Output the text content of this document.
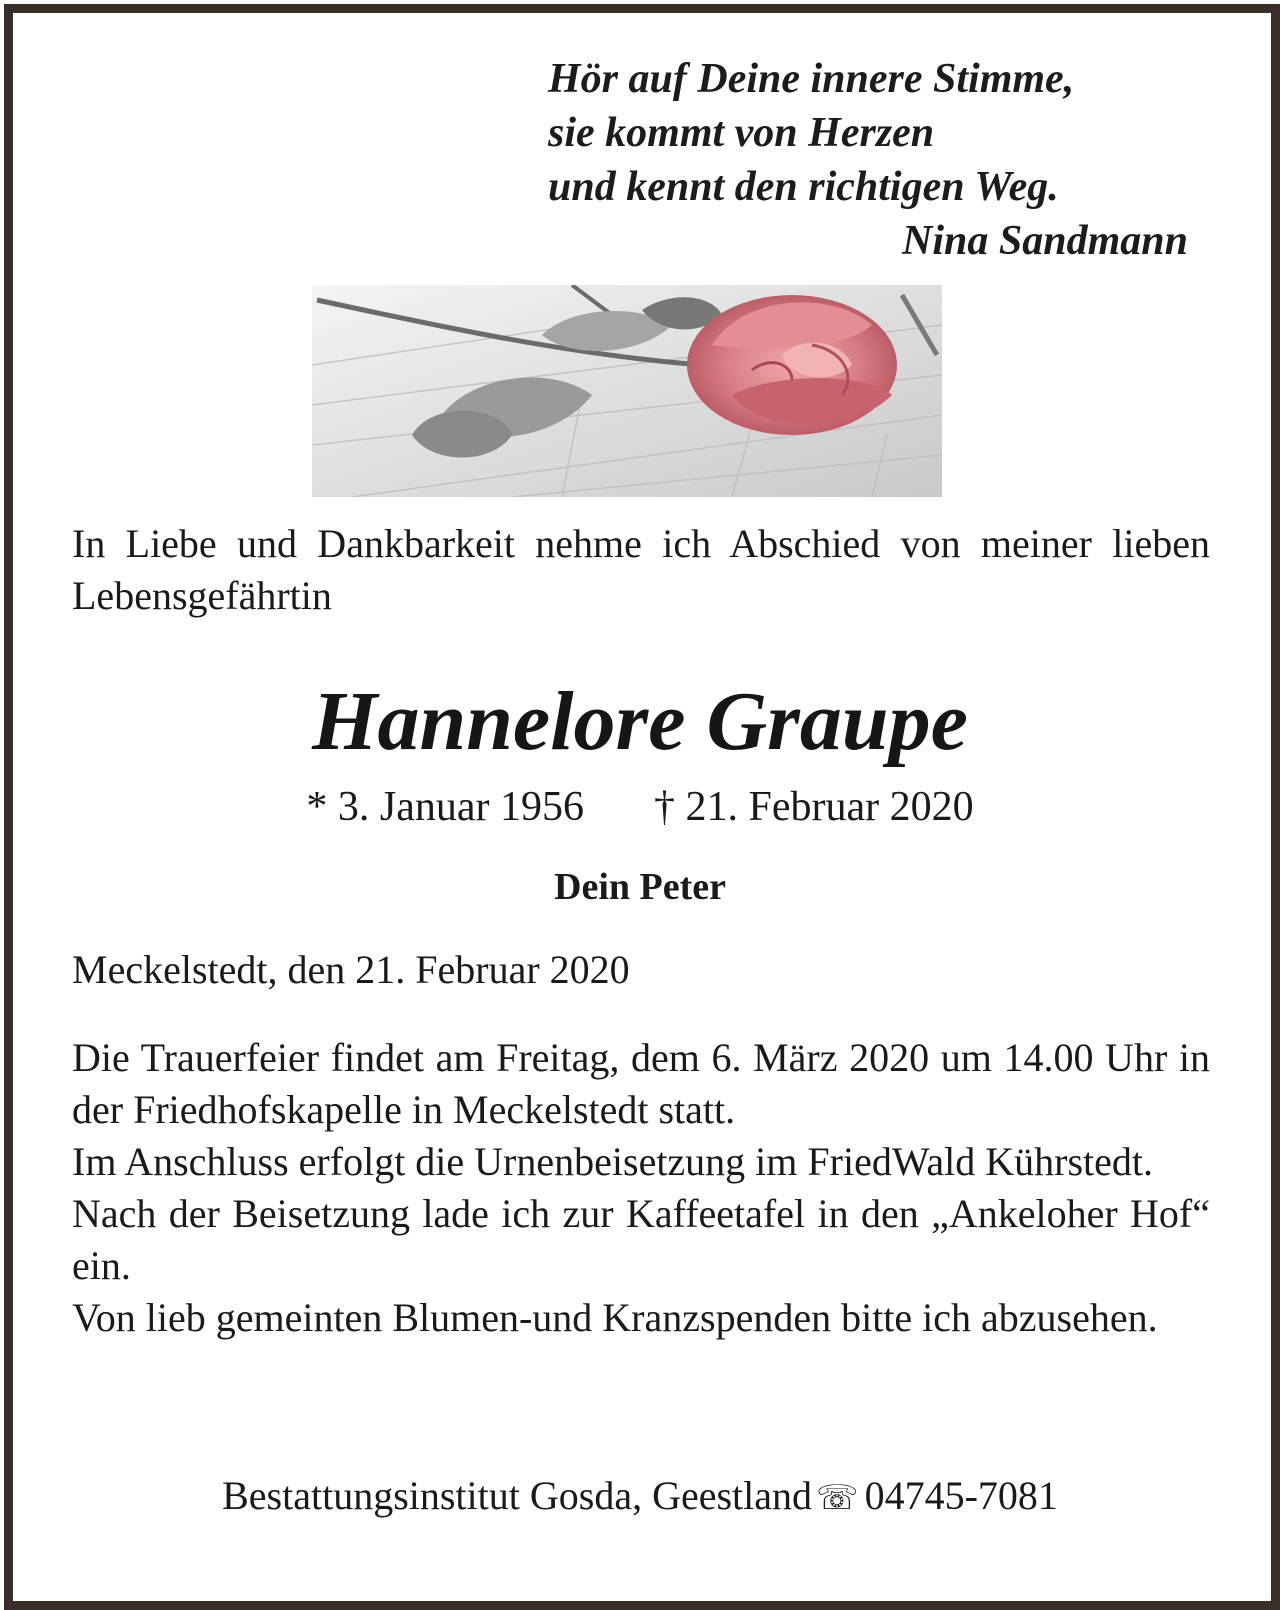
Hör auf Deine innere Stimme,
sie kommt von Herzen
und kennt den richtigen Weg.
Nina Sandmann
In Liebe und Dankbarkeit nehme ich Abschied von meiner lieben Lebensgefährtin
Hannelore Graupe
* 3. Januar 1956 † 21. Februar 2020
Dein Peter
Meckelstedt, den 21. Februar 2020

Die Trauerfeier findet am Freitag, dem 6. März 2020 um 14.00 Uhr in der Friedhofskapelle in Meckelstedt statt.

Im Anschluss erfolgt die Urnenbeisetzung im FriedWald Kührstedt.

Nach der Beisetzung lade ich zur Kaffeetafel in den „Ankeloher Hof“ ein.

Von lieb gemeinten Blumen-und Kranzspenden bitte ich abzusehen.

Bestattungsinstitut Gosda, Geestland ☏ 04745-7081
